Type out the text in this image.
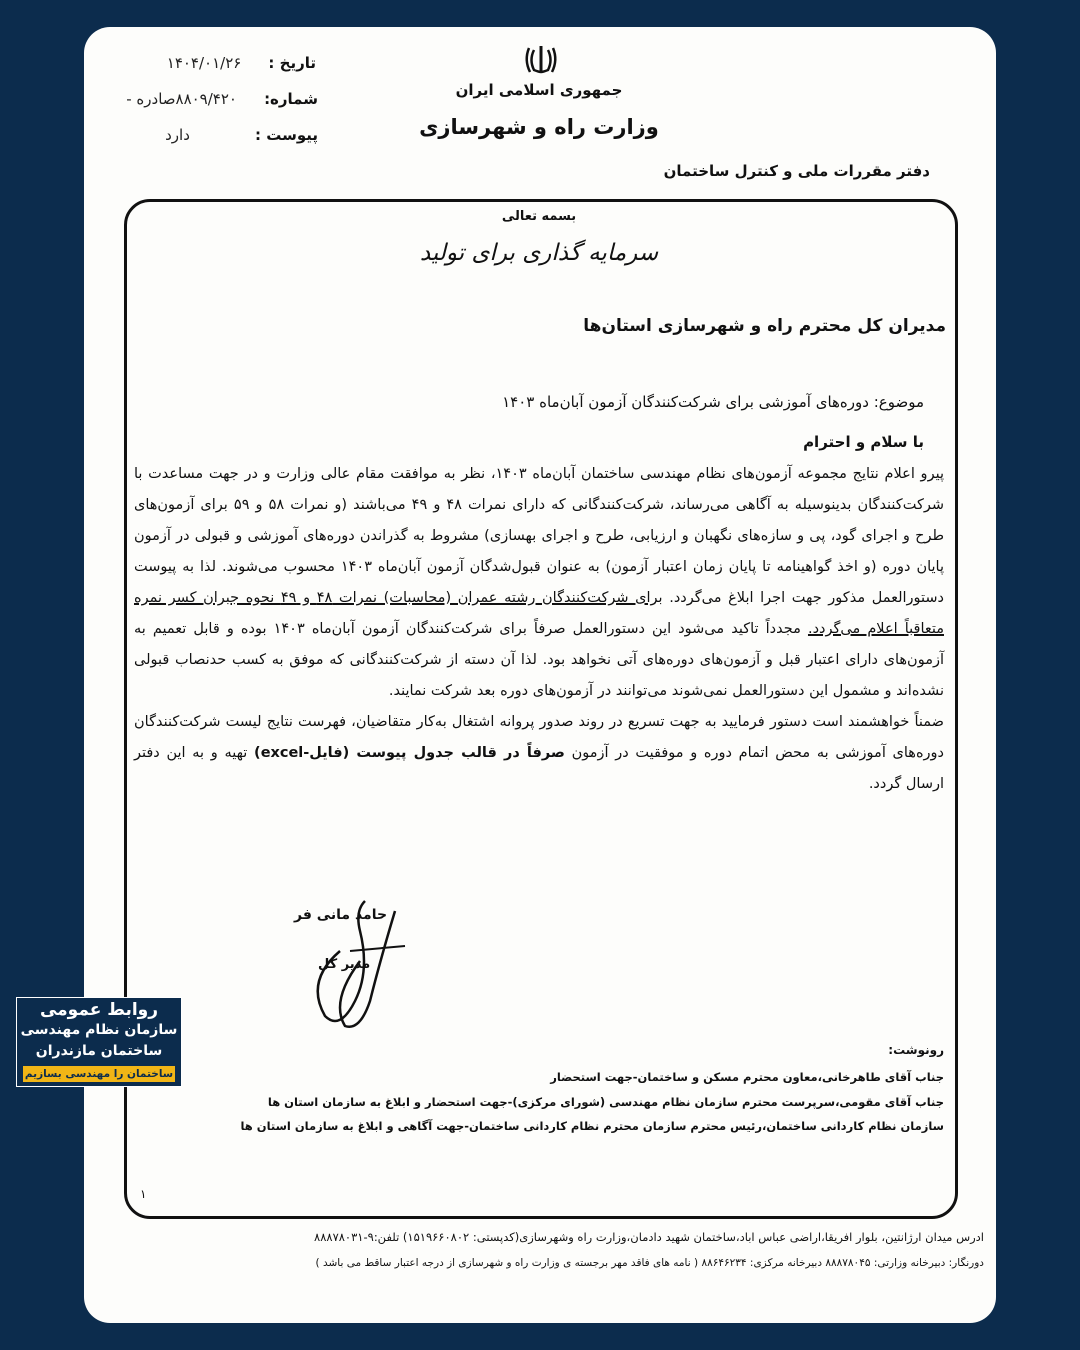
تاریخ : ۱۴۰۴/۰۱/۲۶
شماره: ۸۸۰۹/۴۲۰صادره -
پیوست : دارد
جمهوری اسلامی ایران
وزارت راه و شهرسازی
دفتر مقررات ملی و کنترل ساختمان
بسمه تعالی
سرمایه گذاری برای تولید
مدیران کل محترم راه و شهرسازی استان‌ها
موضوع: دوره‌های آموزشی برای شرکت‌کنندگان آزمون آبان‌ماه ۱۴۰۳
با سلام و احترام

پیرو اعلام نتایج مجموعه آزمون‌های نظام مهندسی ساختمان آبان‌ماه ۱۴۰۳، نظر به موافقت مقام عالی وزارت و در جهت مساعدت با شرکت‌کنندگان بدینوسیله به آگاهی می‌رساند، شرکت‌کنندگانی که دارای نمرات ۴۸ و ۴۹ می‌باشند (و نمرات ۵۸ و ۵۹ برای آزمون‌های طرح و اجرای گود، پی و سازه‌های نگهبان و ارزیابی، طرح و اجرای بهسازی) مشروط به گذراندن دوره‌های آموزشی و قبولی در آزمون پایان دوره (و اخذ گواهینامه تا پایان زمان اعتبار آزمون) به عنوان قبول‌شدگان آزمون آبان‌ماه ۱۴۰۳ محسوب می‌شوند. لذا به پیوست دستورالعمل مذکور جهت اجرا ابلاغ می‌گردد. برای شرکت‌کنندگان رشته عمران (محاسبات) نمرات ۴۸ و ۴۹ نحوه جبران کسر نمره متعاقباً اعلام می‌گردد. مجدداً تاکید می‌شود این دستورالعمل صرفاً برای شرکت‌کنندگان آزمون آبان‌ماه ۱۴۰۳ بوده و قابل تعمیم به آزمون‌های دارای اعتبار قبل و آزمون‌های دوره‌های آتی نخواهد بود. لذا آن دسته از شرکت‌کنندگانی که موفق به کسب حدنصاب قبولی نشده‌اند و مشمول این دستورالعمل نمی‌شوند می‌توانند در آزمون‌های دوره بعد شرکت نمایند.

ضمناً خواهشمند است دستور فرمایید به جهت تسریع در روند صدور پروانه اشتغال به‌کار متقاضیان، فهرست نتایج لیست شرکت‌کنندگان دوره‌های آموزشی به محض اتمام دوره و موفقیت در آزمون صرفاً در قالب جدول پیوست (فایل-excel) تهیه و به این دفتر ارسال گردد.

حامد مانی فر
مدیر کل
رونوشت:
جناب آقای طاهرخانی،معاون محترم مسکن و ساختمان-جهت استحضار
جناب آقای مقومی،سرپرست محترم سازمان نظام مهندسی (شورای مرکزی)-جهت استحضار و ابلاغ به سازمان استان ها
سازمان نظام کاردانی ساختمان،رئیس محترم سازمان محترم نظام کاردانی ساختمان-جهت آگاهی و ابلاغ به سازمان استان ها
۱
ادرس میدان ارژانتین، بلوار افریقا،اراضی عباس اباد،ساختمان شهید دادمان،وزارت راه وشهرسازی(کدپستی: ۱۵۱۹۶۶۰۸۰۲) تلفن:۹-۸۸۸۷۸۰۳۱
دورنگار: دبیرخانه وزارتی: ۸۸۸۷۸۰۴۵ دبیرخانه مرکزی: ۸۸۶۴۶۲۳۴ ( نامه های فاقد مهر برجسته ی وزارت راه و شهرسازی از درجه اعتبار ساقط می باشد )
روابط عمومی
سازمان نظام مهندسی
ساختمان مازندران
ساختمان را مهندسی بسازیم
